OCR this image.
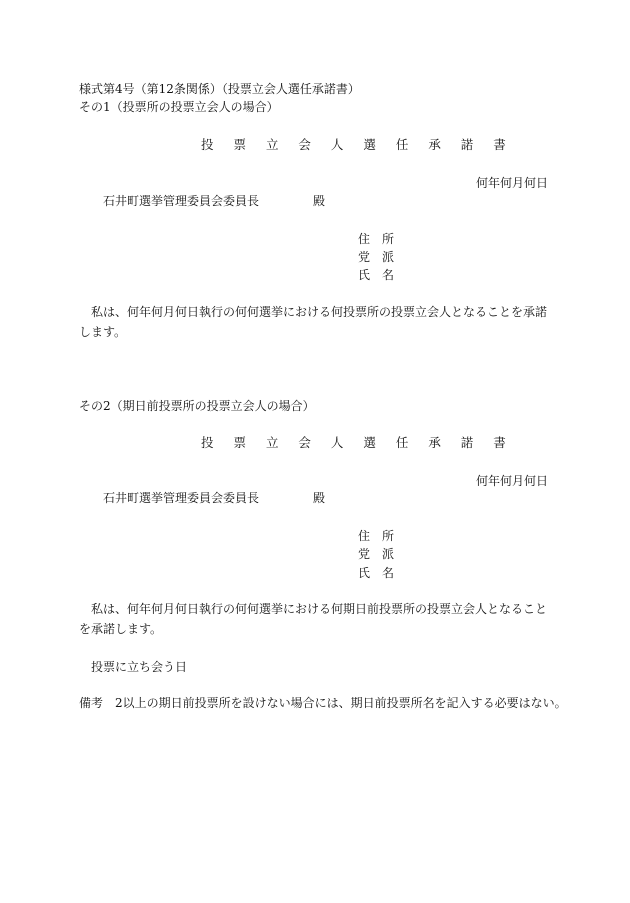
様式第4号（第12条関係）（投票立会人選任承諾書）
その1（投票所の投票立会人の場合）
投 票 立 会 人 選 任 承 諾 書
何年何月何日
石井町選挙管理委員会委員長	殿
住　所
党　派
氏　名
私は、何年何月何日執行の何何選挙における何投票所の投票立会人となることを承諾します。
その2（期日前投票所の投票立会人の場合）
投 票 立 会 人 選 任 承 諾 書
何年何月何日
石井町選挙管理委員会委員長	殿
住　所
党　派
氏　名
私は、何年何月何日執行の何何選挙における何期日前投票所の投票立会人となることを承諾します。
投票に立ち会う日
備考　2以上の期日前投票所を設けない場合には、期日前投票所名を記入する必要はない。
